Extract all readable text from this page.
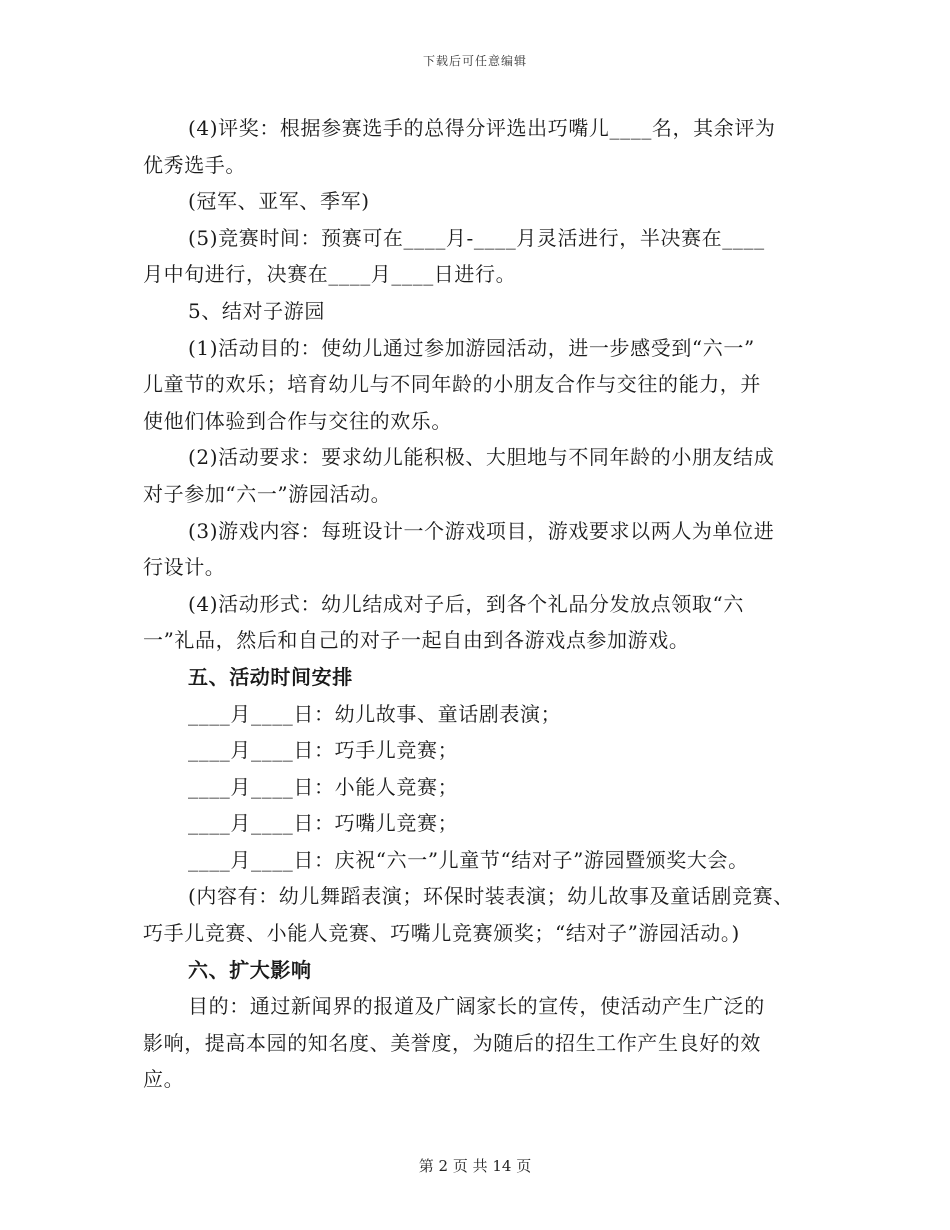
下载后可任意编辑
(4)评奖：根据参赛选手的总得分评选出巧嘴儿____名，其余评为
优秀选手。
(冠军、亚军、季军)
(5)竞赛时间：预赛可在____月-____月灵活进行，半决赛在____
月中旬进行，决赛在____月____日进行。
5、结对子游园
(1)活动目的：使幼儿通过参加游园活动，进一步感受到“六一”
儿童节的欢乐；培育幼儿与不同年龄的小朋友合作与交往的能力，并
使他们体验到合作与交往的欢乐。
(2)活动要求：要求幼儿能积极、大胆地与不同年龄的小朋友结成
对子参加“六一”游园活动。
(3)游戏内容：每班设计一个游戏项目，游戏要求以两人为单位进
行设计。
(4)活动形式：幼儿结成对子后，到各个礼品分发放点领取“六
一”礼品，然后和自己的对子一起自由到各游戏点参加游戏。
五、活动时间安排
____月____日：幼儿故事、童话剧表演；
____月____日：巧手儿竞赛；
____月____日：小能人竞赛；
____月____日：巧嘴儿竞赛；
____月____日：庆祝“六一”儿童节“结对子”游园暨颁奖大会。
(内容有：幼儿舞蹈表演；环保时装表演；幼儿故事及童话剧竞赛、
巧手儿竞赛、小能人竞赛、巧嘴儿竞赛颁奖；“结对子”游园活动。)
六、扩大影响
目的：通过新闻界的报道及广阔家长的宣传，使活动产生广泛的
影响，提高本园的知名度、美誉度，为随后的招生工作产生良好的效
应。
第 2 页 共 14 页
